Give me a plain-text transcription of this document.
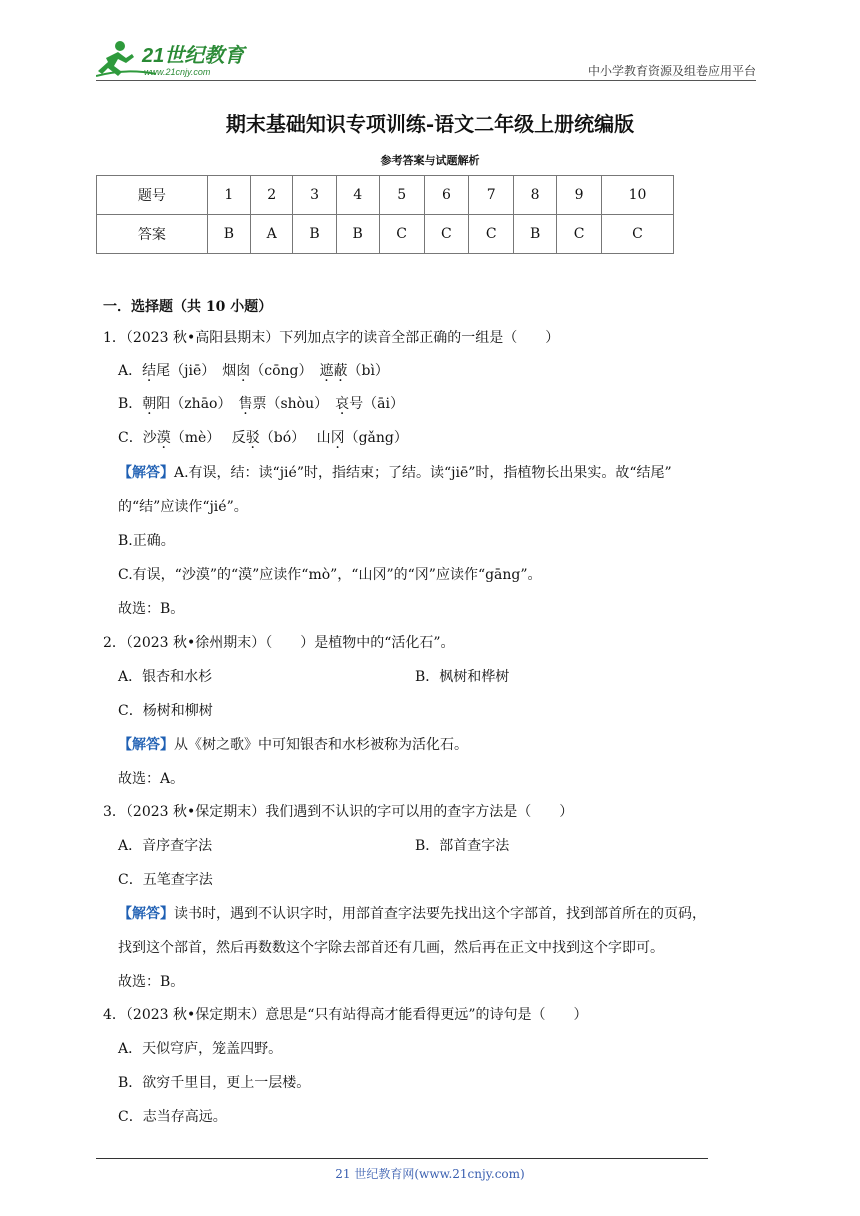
21世纪教育
www.21cnjy.com	中小学教育资源及组卷应用平台
期末基础知识专项训练-语文二年级上册统编版
参考答案与试题解析
题号	1	2	3	4	5	6	7	8	9	10
答案	B	A	B	B	C	C	C	B	C	C
一．选择题（共 10 小题）
1．（2023 秋•高阳县期末）下列加点字的读音全部正确的一组是（　　）
A．结尾（jiē）　烟囱（cōng）　遮蔽（bì）
B．朝阳（zhāo）　售票（shòu）　哀号（āi）
C．沙漠（mè）　 反驳（bó）　 山冈（gǎng）
【解答】A.有误，结：读“jié”时，指结束；了结。读“jiē”时，指植物长出果实。故“结尾”
的“结”应读作“jié”。
B.正确。
C.有误，“沙漠”的“漠”应读作“mò”，“山冈”的“冈”应读作“gāng”。
故选：B。
2．（2023 秋•徐州期末）（　　）是植物中的“活化石”。
A．银杏和水杉	B．枫树和桦树
C．杨树和柳树
【解答】从《树之歌》中可知银杏和水杉被称为活化石。
故选：A。
3．（2023 秋•保定期末）我们遇到不认识的字可以用的查字方法是（　　）
A．音序查字法	B．部首查字法
C．五笔查字法
【解答】读书时，遇到不认识字时，用部首查字法要先找出这个字部首，找到部首所在的页码，
找到这个部首，然后再数数这个字除去部首还有几画，然后再在正文中找到这个字即可。
故选：B。
4．（2023 秋•保定期末）意思是“只有站得高才能看得更远”的诗句是（　　）
A．天似穹庐，笼盖四野。
B．欲穷千里目，更上一层楼。
C．志当存高远。
21 世纪教育网(www.21cnjy.com)
